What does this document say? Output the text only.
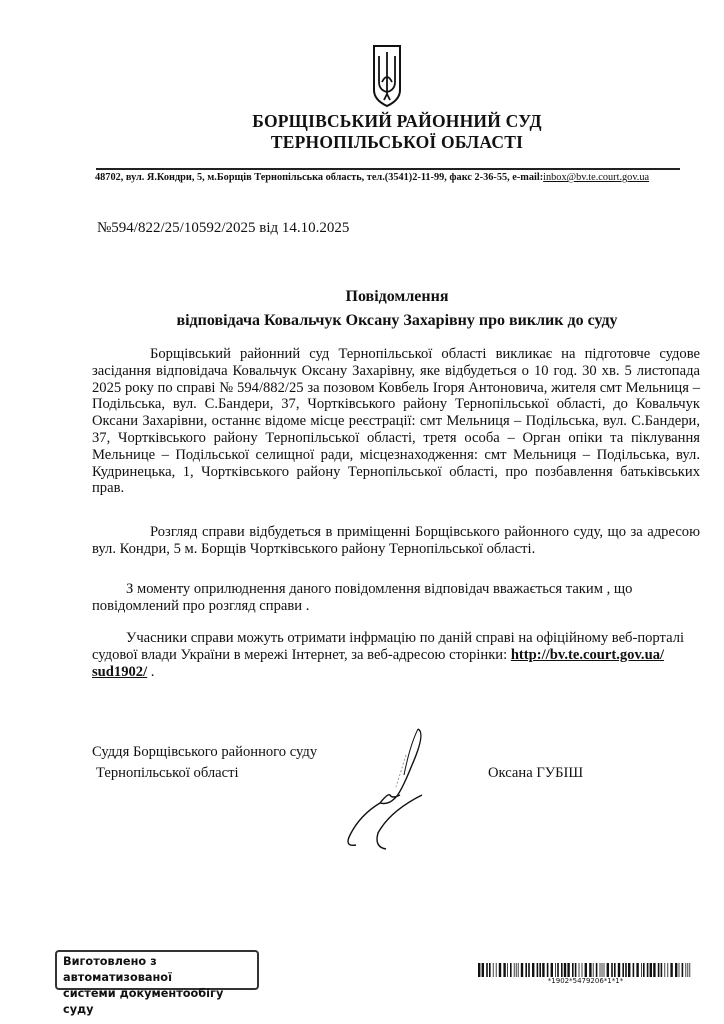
БОРЩІВСЬКИЙ РАЙОННИЙ СУД
ТЕРНОПІЛЬСЬКОЇ ОБЛАСТІ
48702, вул. Я.Кондри, 5, м.Борщів Тернопільська область, тел.(3541)2-11-99, факс 2-36-55, e-mail:inbox@bv.te.court.gov.ua
№594/822/25/10592/2025 від 14.10.2025
Повідомлення
відповідача Ковальчук Оксану Захарівну про виклик до суду

Борщівський районний суд Тернопільської області викликає на підготовче судове засідання відповідача Ковальчук Оксану Захарівну, яке відбудеться о 10 год. 30 хв. 5 листопада 2025 року по справі № 594/882/25 за позовом Ковбель Ігоря Антоновича, жителя смт Мельниця – Подільська, вул. С.Бандери, 37, Чортківського району Тернопільської області, до Ковальчук Оксани Захарівни, останнє відоме місце реєстрації: смт Мельниця – Подільська, вул. С.Бандери, 37, Чортківського району Тернопільської області, третя особа – Орган опіки та піклування Мельнице – Подільської селищної ради, місцезнаходження: смт Мельниця – Подільська, вул. Кудринецька, 1, Чортківського району Тернопільської області, про позбавлення батьківських прав.

Розгляд справи відбудеться в приміщенні Борщівського районного суду, що за адресою вул. Кондри, 5 м. Борщів Чортківського району Тернопільської області.

З моменту оприлюднення даного повідомлення відповідач вважається таким , що повідомлений про розгляд справи .

Учасники справи можуть отримати інфрмацію по даній справі на офіційному веб-порталі судової влади України в мережі Інтернет, за веб-адресою сторінки: http://bv.te.court.gov.ua/ sud1902/ .

Суддя Борщівського районного суду
Тернопільської області	Оксана ГУБІШ
Виготовлено з автоматизованої
системи документообігу суду
*1902*5479206*1*1*
